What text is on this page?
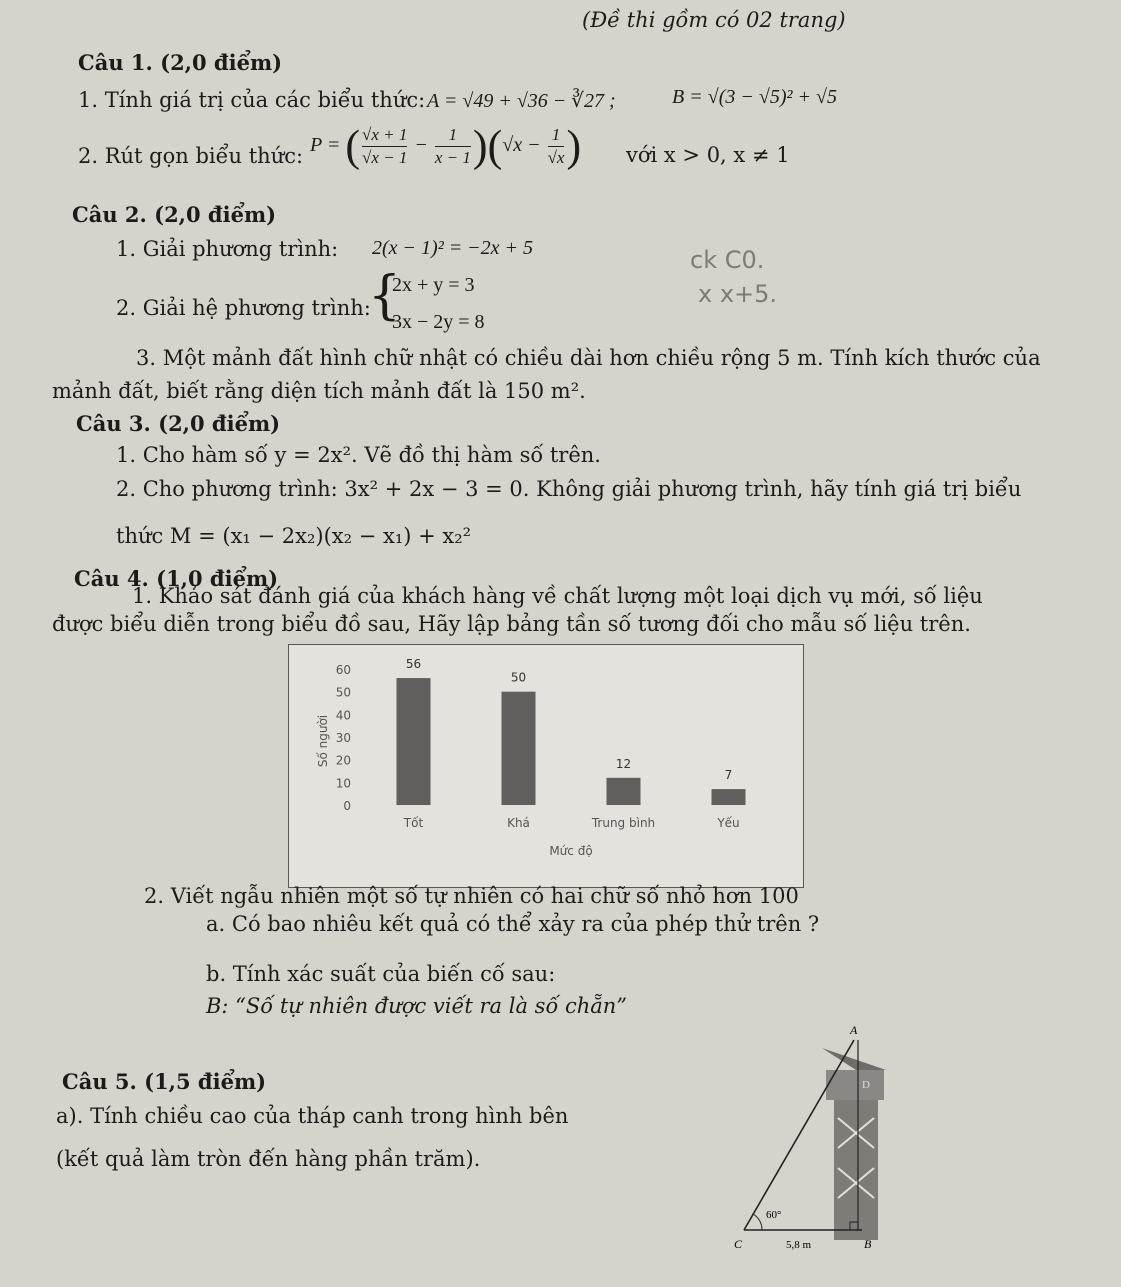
(Đề thi gồm có 02 trang)
Câu 1. (2,0 điểm)
1. Tính giá trị của các biểu thức: A = √49 + √36 − ∛27 ;	B = √(3 − √5)² + √5
2. Rút gọn biểu thức: P = ( $\frac{√x + 1}{√x - 1} - \frac{1}{x - 1} )(√x - \frac{1}{√x}$ ) với x > 0, x ≠ 1
Câu 2. (2,0 điểm)
1. Giải phương trình: 2(x − 1)² = −2x + 5
2. Giải hệ phương trình:
{
2x + y = 3
3x − 2y = 8
ck C0.
x x+5.
3. Một mảnh đất hình chữ nhật có chiều dài hơn chiều rộng 5 m. Tính kích thước của
mảnh đất, biết rằng diện tích mảnh đất là 150 m².
Câu 3. (2,0 điểm)
1. Cho hàm số y = 2x². Vẽ đồ thị hàm số trên.
2. Cho phương trình: 3x² + 2x − 3 = 0. Không giải phương trình, hãy tính giá trị biểu
thức M = (x₁ − 2x₂)(x₂ − x₁) + x₂²
Câu 4. (1,0 điểm)
1. Khảo sát đánh giá của khách hàng về chất lượng một loại dịch vụ mới, số liệu
được biểu diễn trong biểu đồ sau, Hãy lập bảng tần số tương đối cho mẫu số liệu trên.
0
10
20
30
40
50
60
Số người
56
Tốt
50
Khá
12
Trung bình
7
Yếu
Mức độ
2. Viết ngẫu nhiên một số tự nhiên có hai chữ số nhỏ hơn 100
a. Có bao nhiêu kết quả có thể xảy ra của phép thử trên ?
b. Tính xác suất của biến cố sau:
B: “Số tự nhiên được viết ra là số chẵn”
Câu 5. (1,5 điểm)
a). Tính chiều cao của tháp canh trong hình bên
(kết quả làm tròn đến hàng phần trăm).
A
D
60°
C	5,8 m	B
